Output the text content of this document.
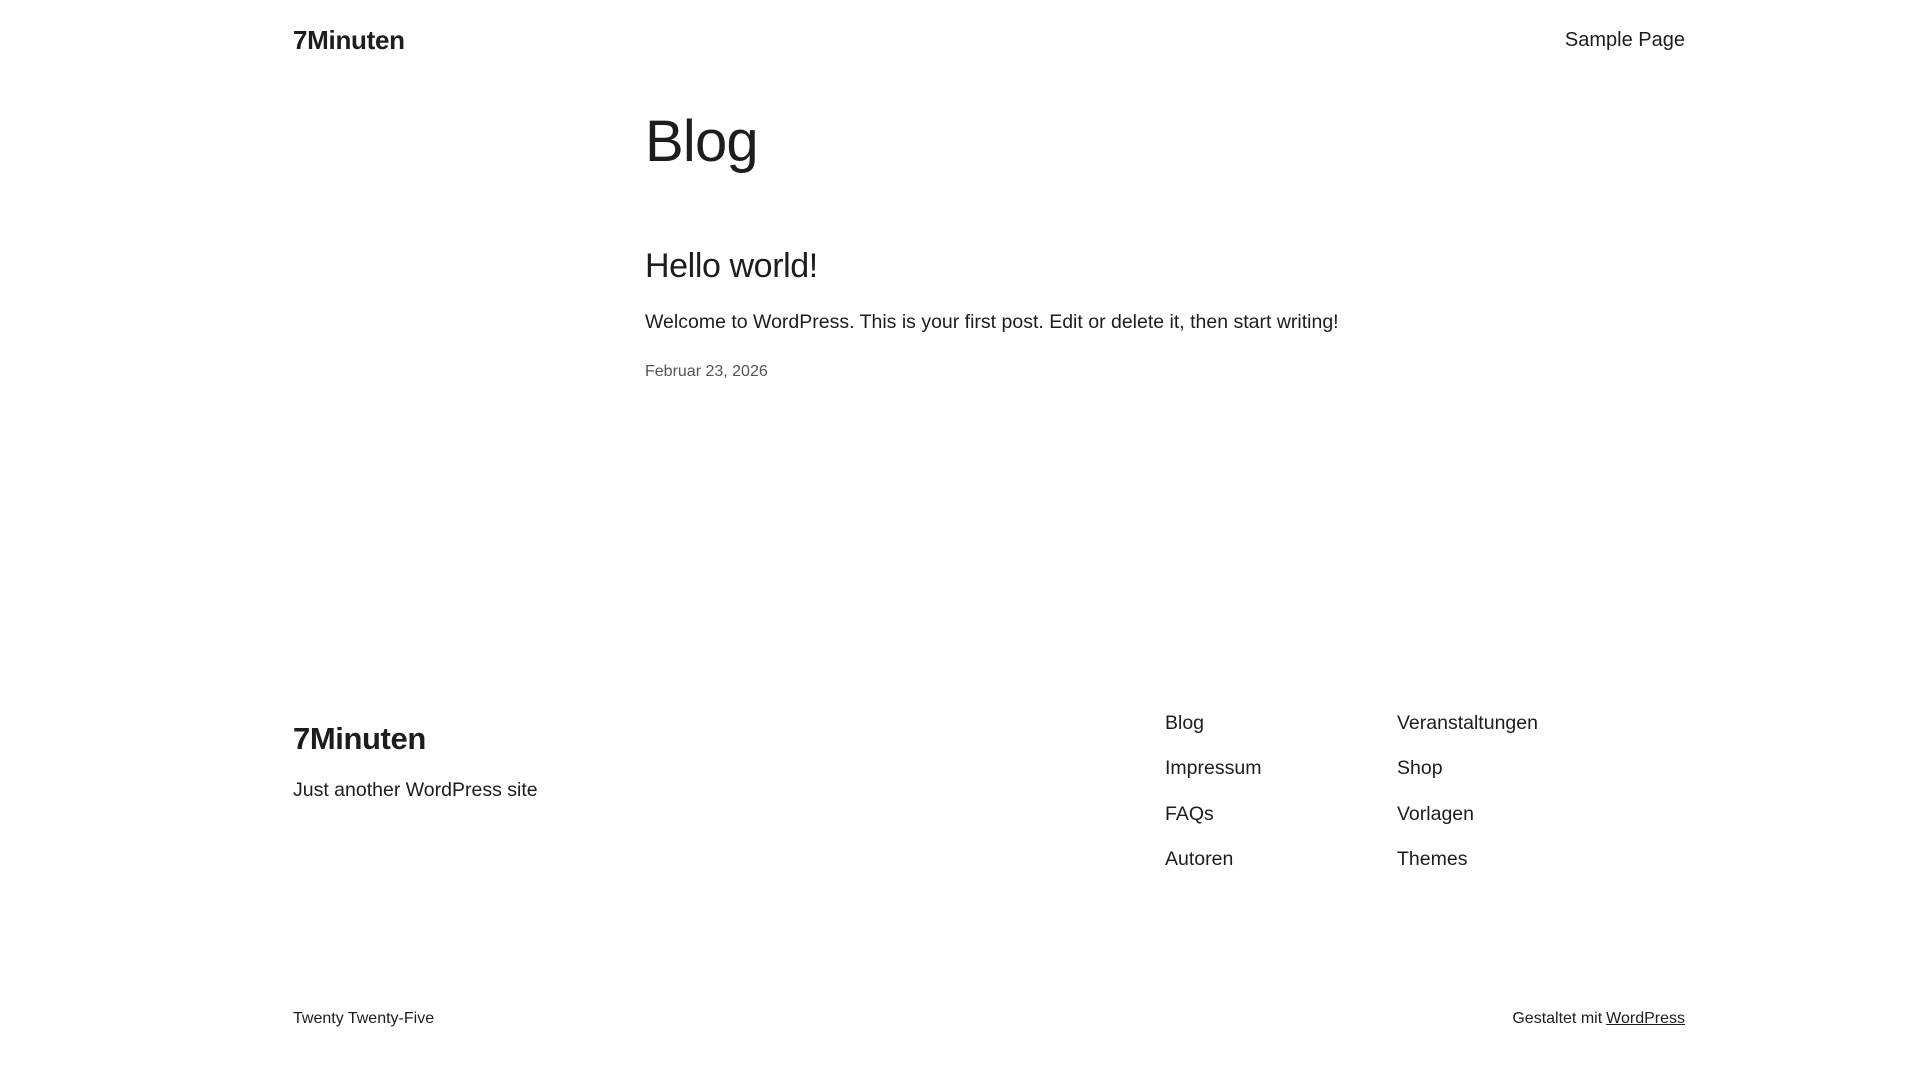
7Minuten	Sample Page
Blog
Hello world!

Welcome to WordPress. This is your first post. Edit or delete it, then start writing!

Februar 23, 2026
7Minuten
Just another WordPress site
Blog
Impressum
FAQs
Autoren
Veranstaltungen
Shop
Vorlagen
Themes
Twenty Twenty-Five	Gestaltet mit WordPress
